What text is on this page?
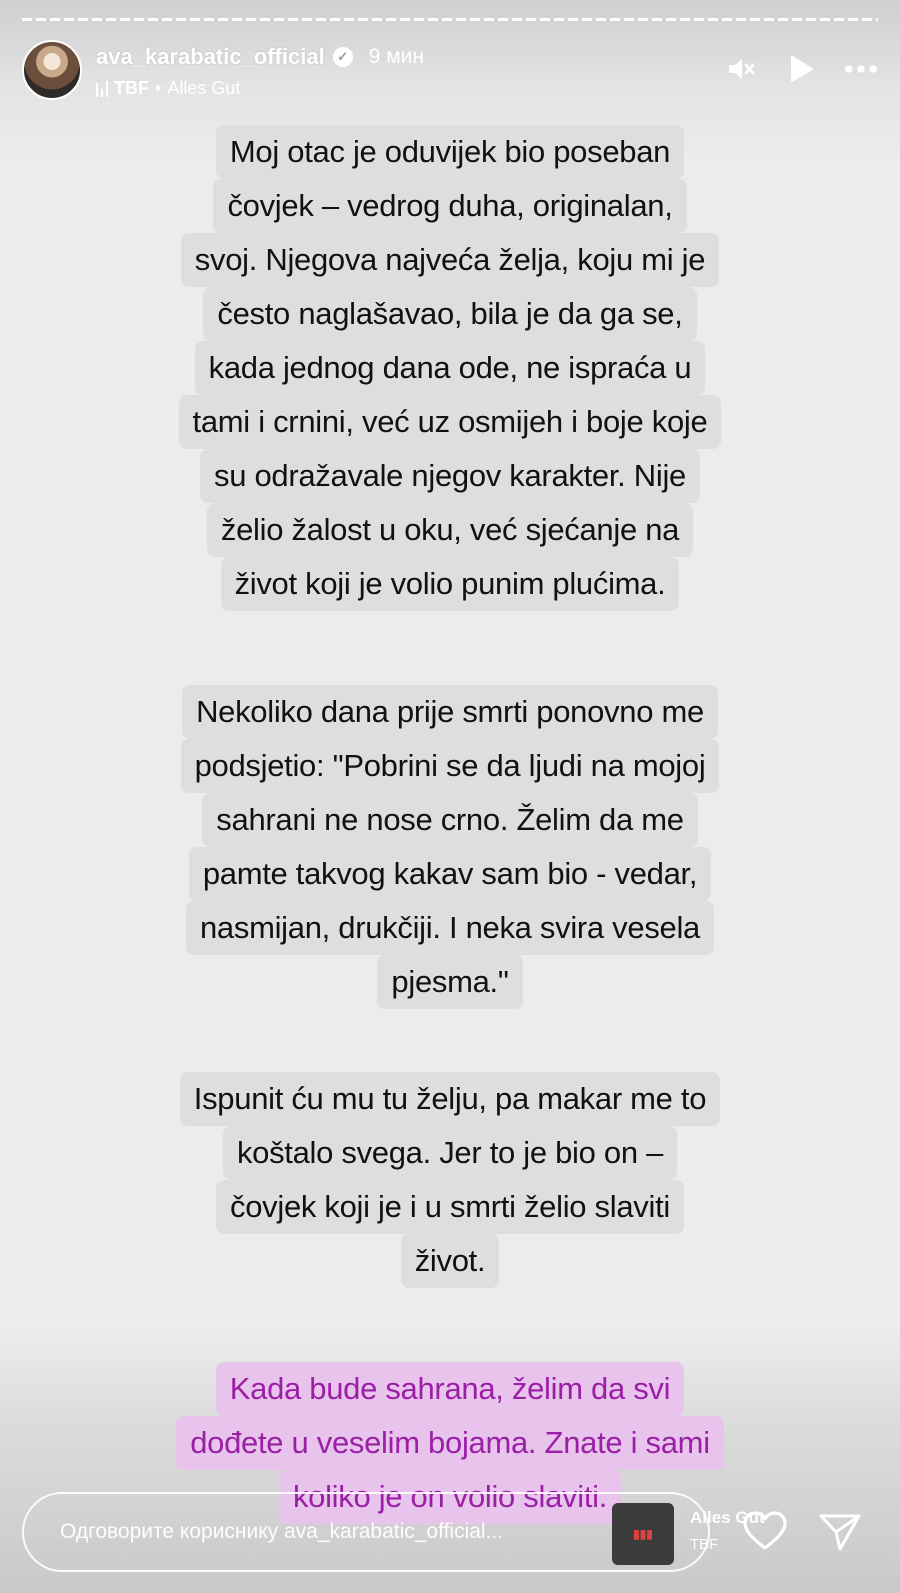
ava_karabatic_official ✓ 9 мин
TBF • Alles Gut
Moj otac je oduvijek bio poseban
čovjek – vedrog duha, originalan,
svoj. Njegova najveća želja, koju mi je
često naglašavao, bila je da ga se,
kada jednog dana ode, ne ispraća u
tami i crnini, već uz osmijeh i boje koje
su odražavale njegov karakter. Nije
želio žalost u oku, već sjećanje na
život koji je volio punim plućima.
Nekoliko dana prije smrti ponovno me
podsjetio: "Pobrini se da ljudi na mojoj
sahrani ne nose crno. Želim da me
pamte takvog kakav sam bio - vedar,
nasmijan, drukčiji. I neka svira vesela
pjesma."
Ispunit ću mu tu želju, pa makar me to
koštalo svega. Jer to je bio on –
čovjek koji je i u smrti želio slaviti
život.
Kada bude sahrana, želim da svi
dođete u veselim bojama. Znate i sami
koliko je on volio slaviti.
Одговорите кориснику ava_karabatic_official...	▮▮▮
Alles Gut
TBF
